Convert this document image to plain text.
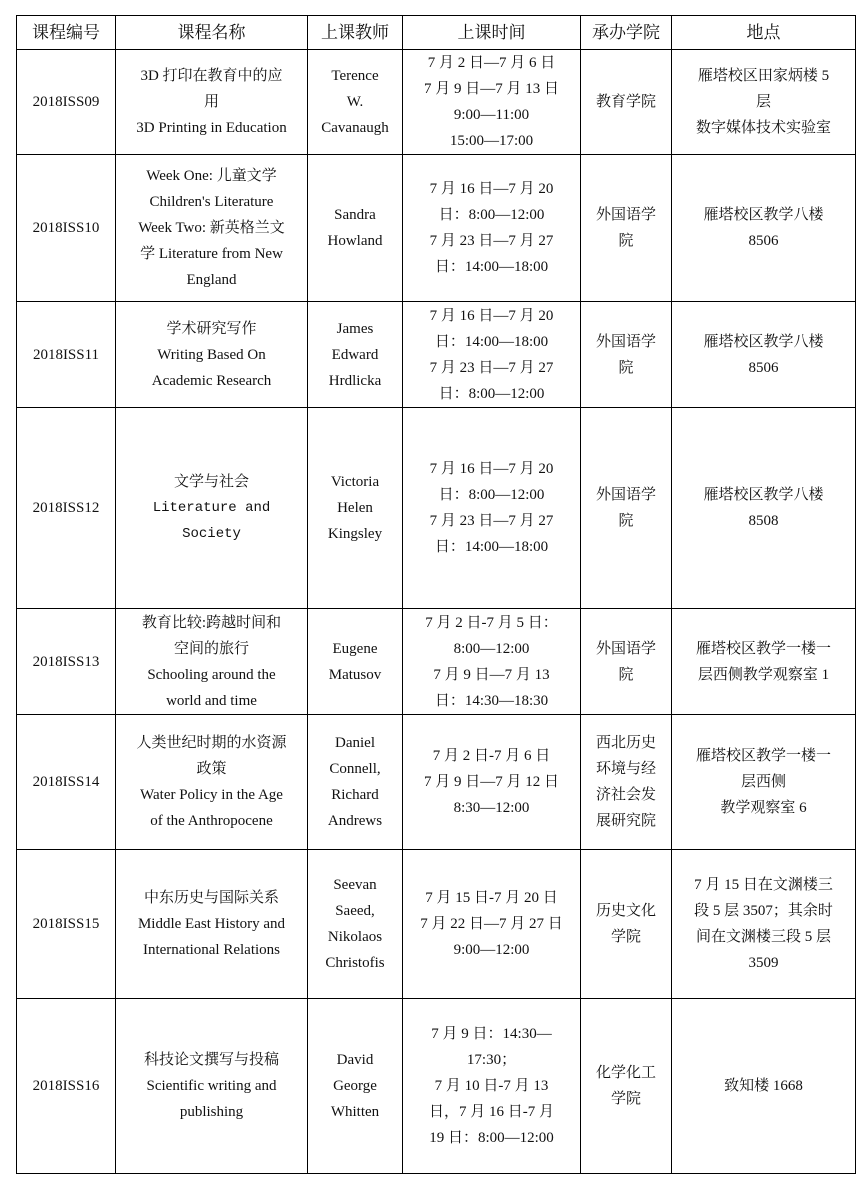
课程编号	课程名称	上课教师	上课时间	承办学院	地点
2018ISS09	3D 打印在教育中的应
用
3D Printing in Education	Terence
W.
Cavanaugh	7 月 2 日—7 月 6 日
7 月 9 日—7 月 13 日
9:00—11:00
15:00—17:00	教育学院	雁塔校区田家炳楼 5
层
数字媒体技术实验室

2018ISS10	Week One: 儿童文学
Children's Literature
Week Two: 新英格兰文
学 Literature from New
England	Sandra
Howland	7 月 16 日—7 月 20
日：8:00—12:00
7 月 23 日—7 月 27
日：14:00—18:00	外国语学
院	雁塔校区教学八楼
8506

2018ISS11	学术研究写作
Writing Based On
Academic Research	James
Edward
Hrdlicka	7 月 16 日—7 月 20
日：14:00—18:00
7 月 23 日—7 月 27
日：8:00—12:00	外国语学
院	雁塔校区教学八楼
8506

2018ISS12	文学与社会
Literature and
Society	Victoria
Helen
Kingsley	7 月 16 日—7 月 20
日：8:00—12:00
7 月 23 日—7 月 27
日：14:00—18:00	外国语学
院	雁塔校区教学八楼
8508

2018ISS13	教育比较:跨越时间和
空间的旅行
Schooling around the
world and time	Eugene
Matusov	7 月 2 日-7 月 5 日：
8:00—12:00
7 月 9 日—7 月 13
日：14:30—18:30	外国语学
院	雁塔校区教学一楼一
层西侧教学观察室 1

2018ISS14	人类世纪时期的水资源
政策
Water Policy in the Age
of the Anthropocene	Daniel
Connell,
Richard
Andrews	7 月 2 日-7 月 6 日
7 月 9 日—7 月 12 日
8:30—12:00	西北历史
环境与经
济社会发
展研究院	雁塔校区教学一楼一
层西侧
教学观察室 6

2018ISS15	中东历史与国际关系
Middle East History and
International Relations	Seevan
Saeed,
Nikolaos
Christofis	7 月 15 日-7 月 20 日
7 月 22 日—7 月 27 日
9:00—12:00	历史文化
学院	7 月 15 日在文渊楼三
段 5 层 3507；其余时
间在文渊楼三段 5 层
3509

2018ISS16	科技论文撰写与投稿
Scientific writing and
publishing	David
George
Whitten	7 月 9 日：14:30—
17:30；
7 月 10 日-7 月 13
日，7 月 16 日-7 月
19 日：8:00—12:00	化学化工
学院	致知楼 1668
